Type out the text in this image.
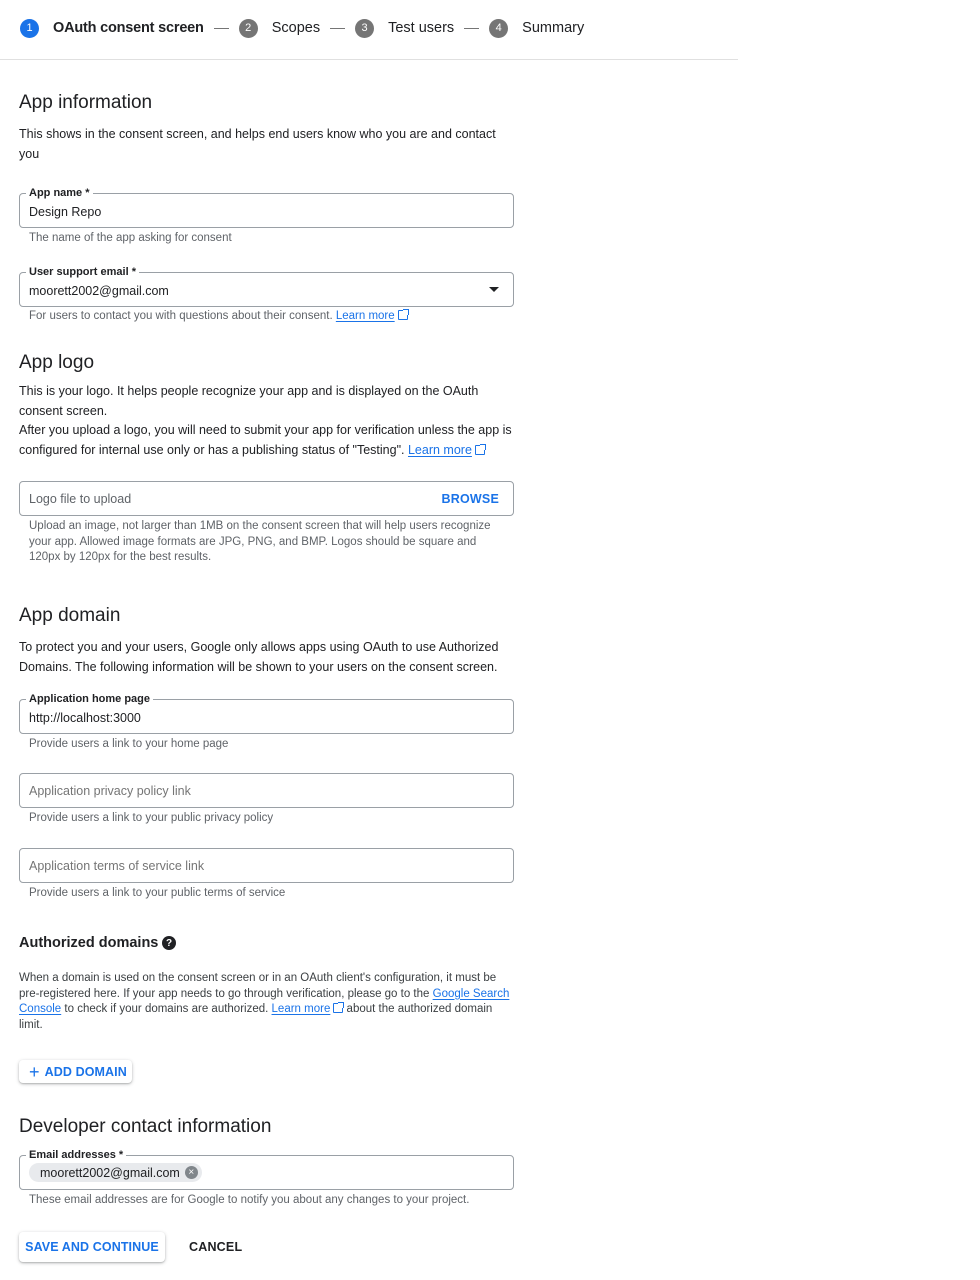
1	OAuth consent screen	2	Scopes	3	Test users	4	Summary
App information

This shows in the consent screen, and helps end users know who you are and contact you

App name *
Design Repo

The name of the app asking for consent

User support email *
moorett2002@gmail.com

For users to contact you with questions about their consent. Learn more

App logo

This is your logo. It helps people recognize your app and is displayed on the OAuth consent screen.

After you upload a logo, you will need to submit your app for verification unless the app is configured for internal use only or has a publishing status of "Testing". Learn more

Logo file to upload	BROWSE

Upload an image, not larger than 1MB on the consent screen that will help users recognize your app. Allowed image formats are JPG, PNG, and BMP. Logos should be square and 120px by 120px for the best results.

App domain

To protect you and your users, Google only allows apps using OAuth to use Authorized Domains. The following information will be shown to your users on the consent screen.

Application home page
http://localhost:3000

Provide users a link to your home page

Application privacy policy link

Provide users a link to your public privacy policy

Application terms of service link

Provide users a link to your public terms of service

Authorized domains ?

When a domain is used on the consent screen or in an OAuth client's configuration, it must be pre-registered here. If your app needs to go through verification, please go to the Google Search Console to check if your domains are authorized. Learn more about the authorized domain limit.

+ ADD DOMAIN
Developer contact information
Email addresses *
moorett2002@gmail.com ×

These email addresses are for Google to notify you about any changes to your project.

SAVE AND CONTINUE	CANCEL
